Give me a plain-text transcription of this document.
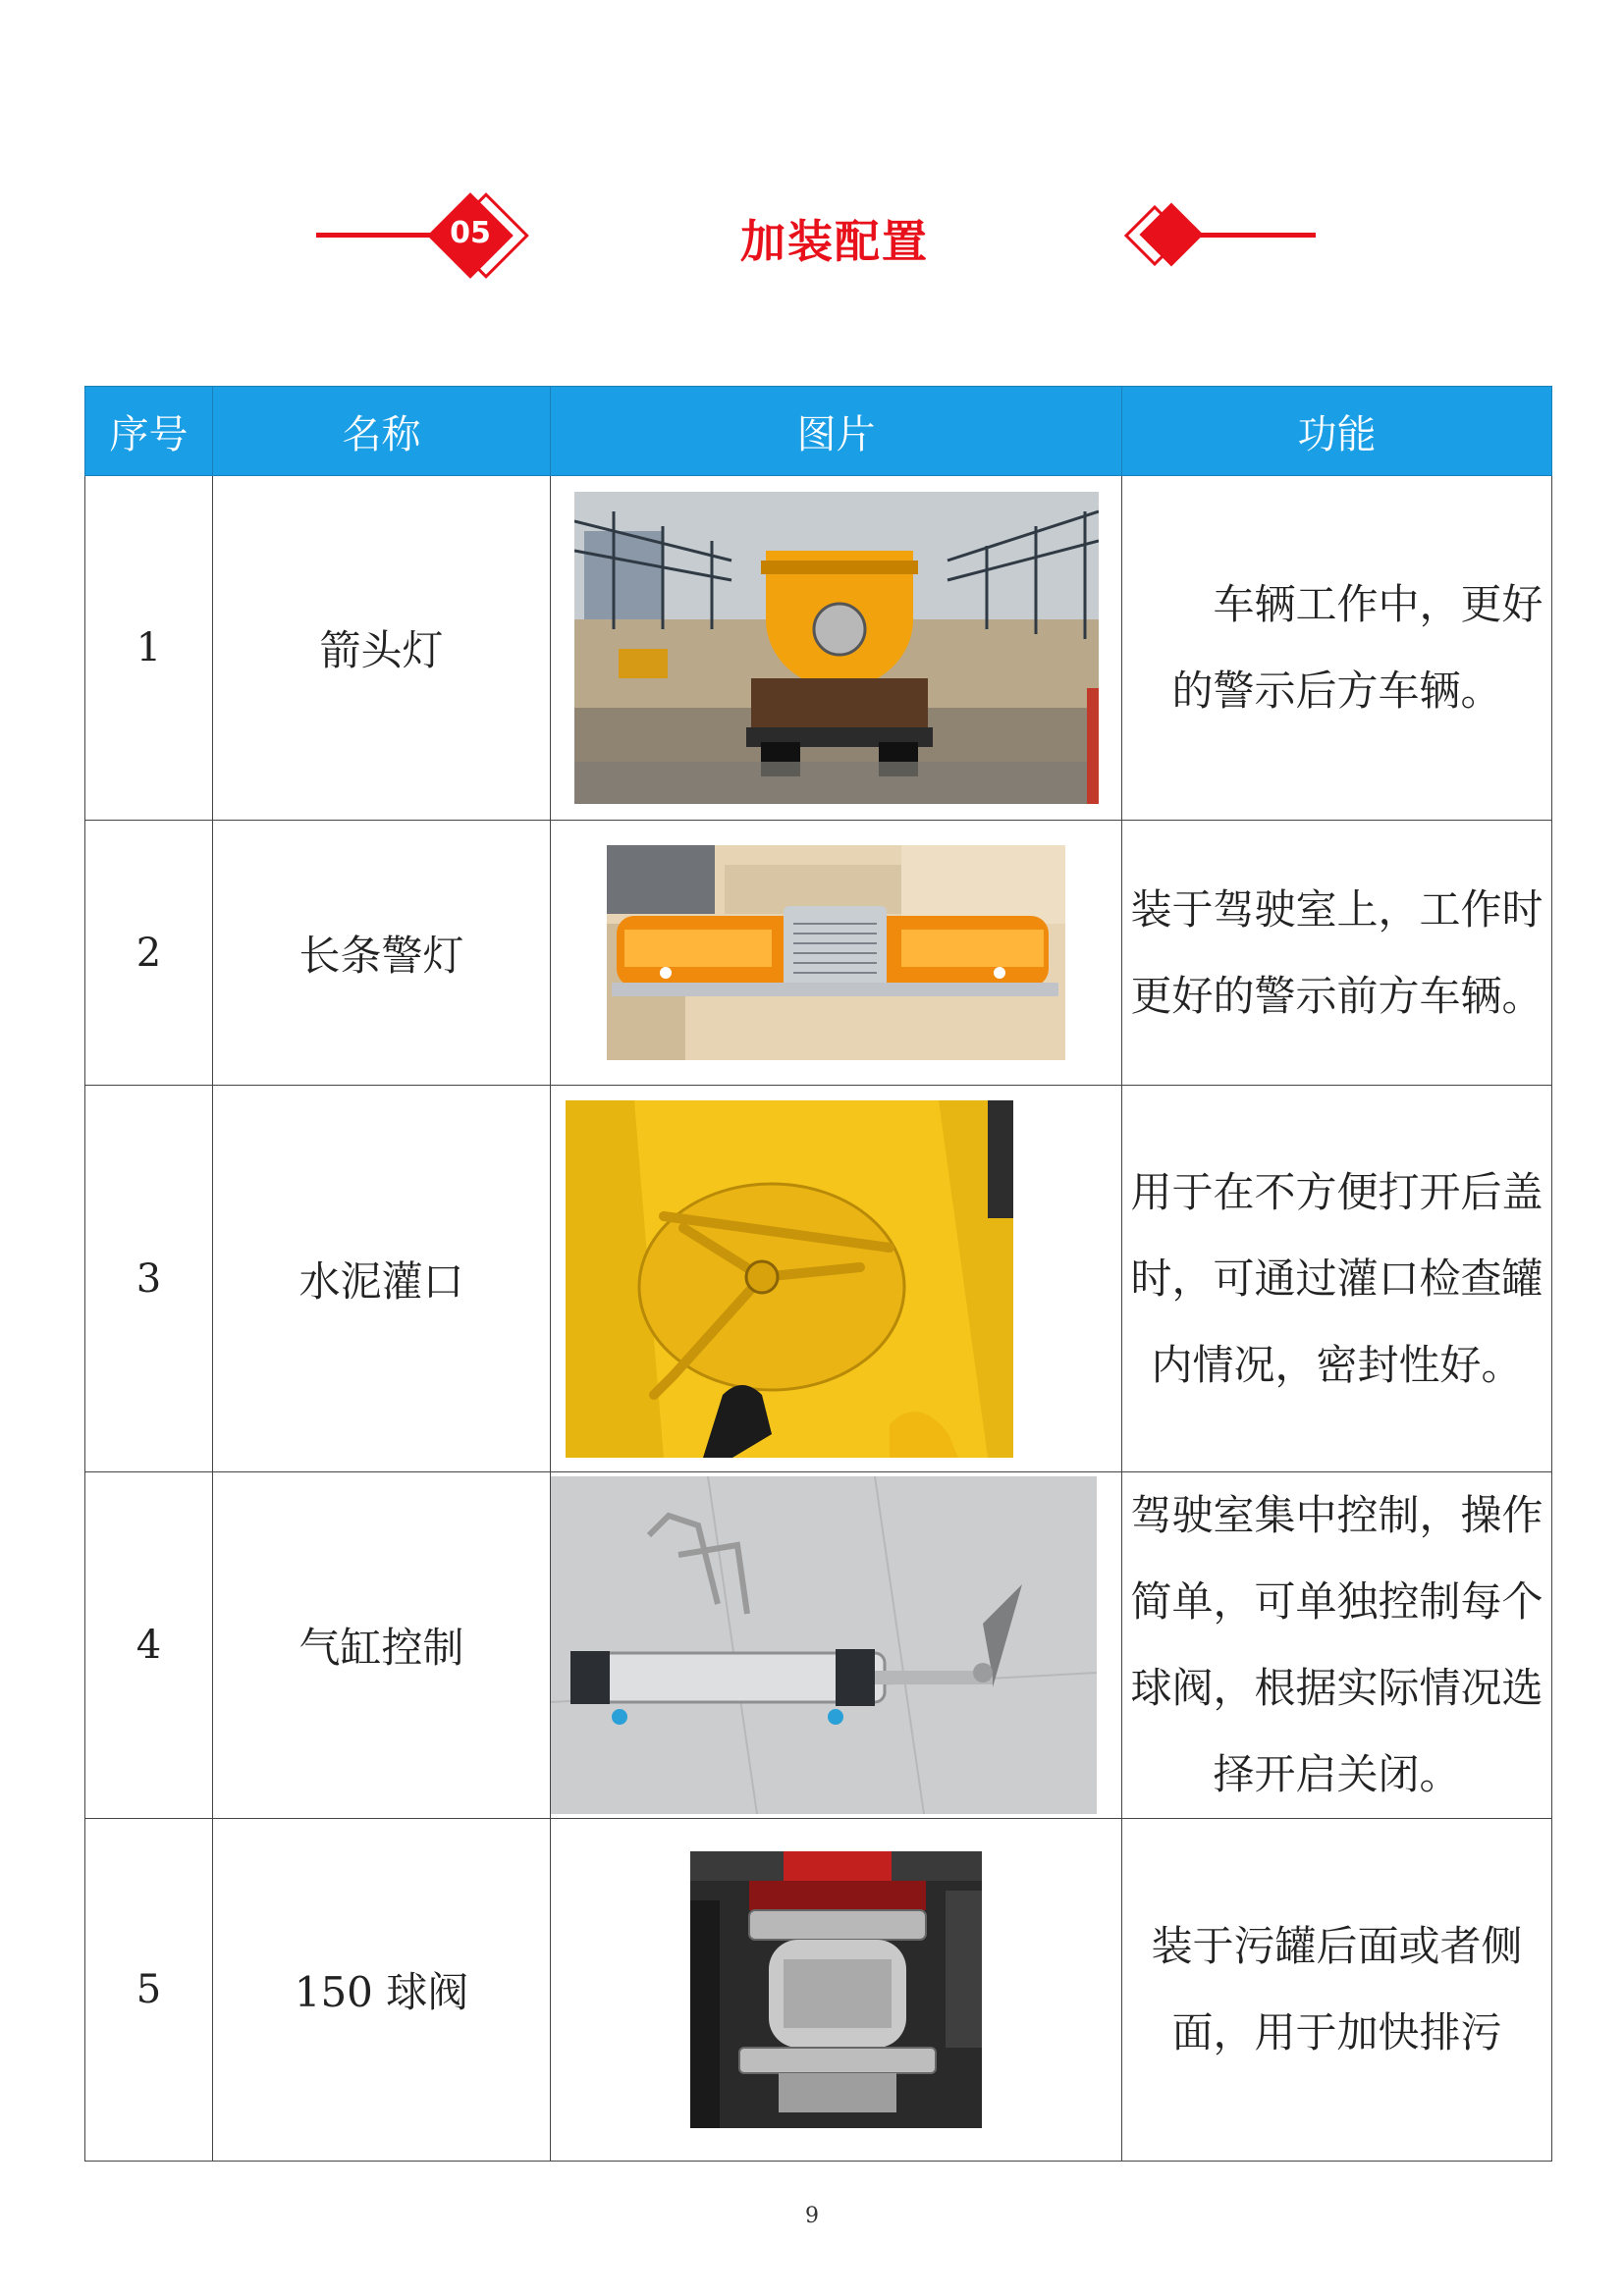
05	加装配置
序号	名称	图片	功能
1	箭头灯		车辆工作中，更好的警示后方车辆。

2	长条警灯		装于驾驶室上，工作时更好的警示前方车辆。

3	水泥灌口		用于在不方便打开后盖时，可通过灌口检查罐内情况，密封性好。

4	气缸控制		驾驶室集中控制，操作简单，可单独控制每个球阀，根据实际情况选择开启关闭。

5	150 球阀		装于污罐后面或者侧面，用于加快排污
9
